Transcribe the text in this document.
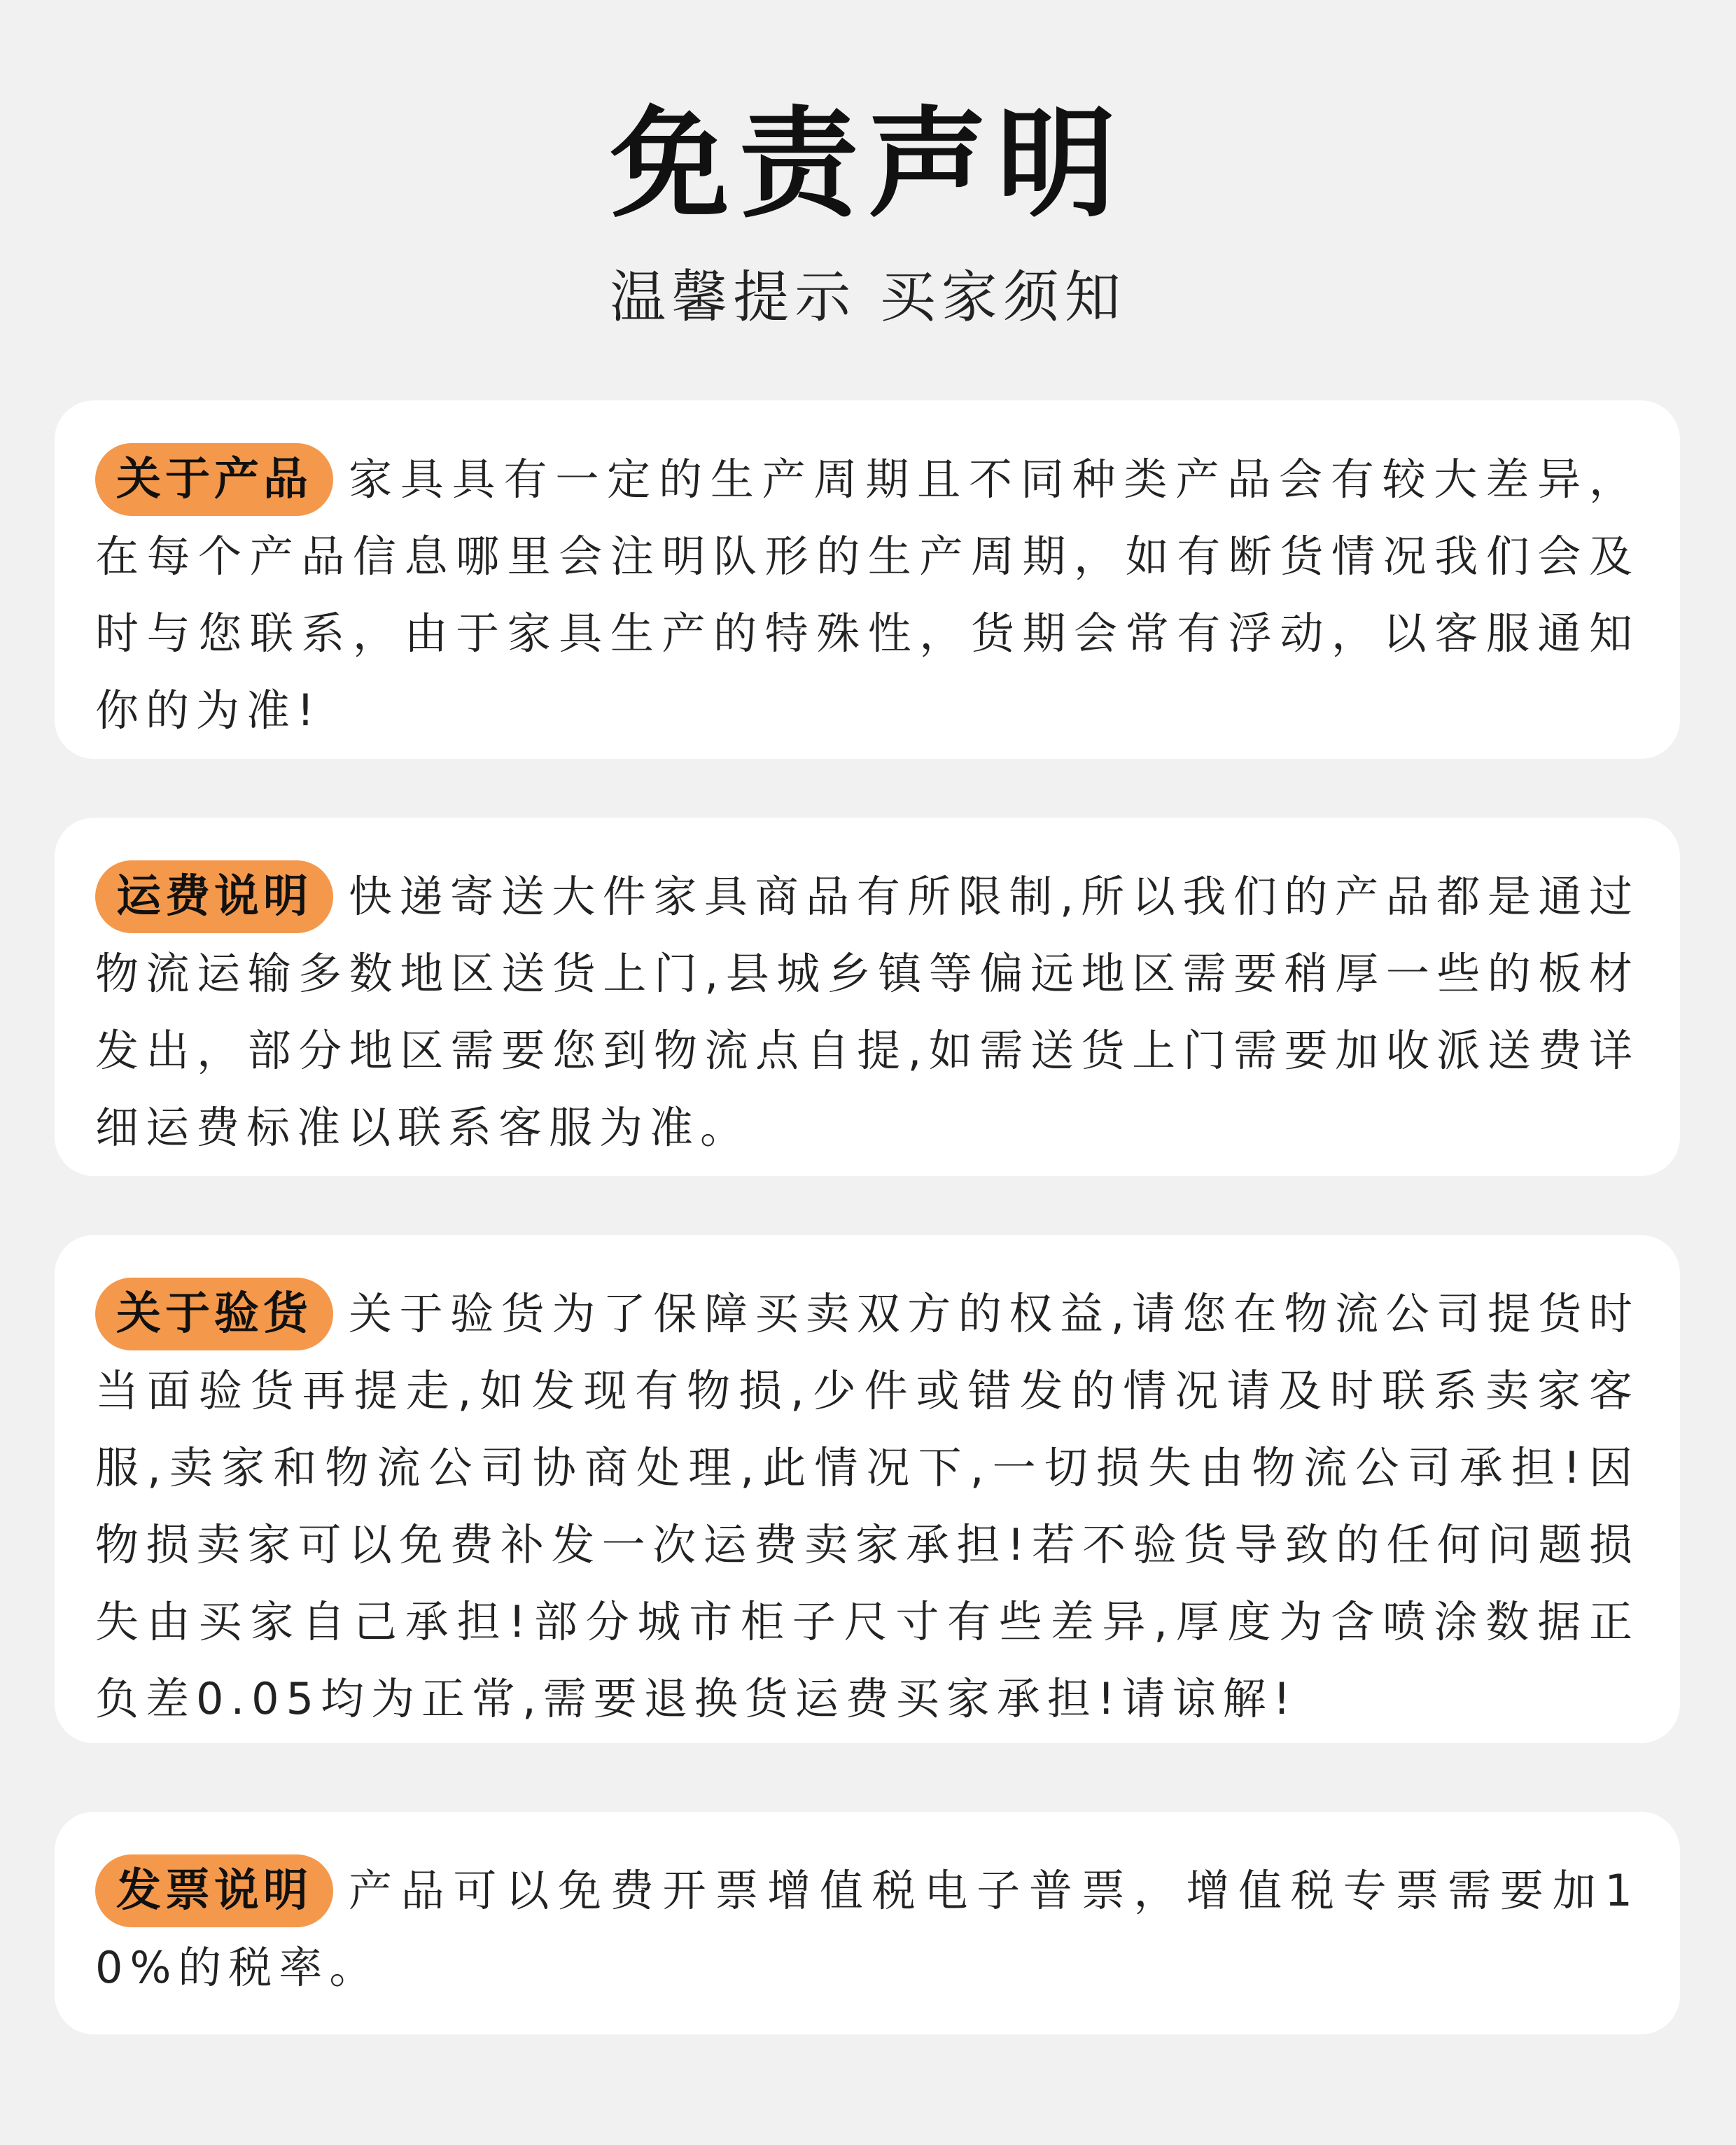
免责声明
温馨提示 买家须知

关于产品 家具具有一定的生产周期且不同种类产品会有较大差异，在每个产品信息哪里会注明队形的生产周期，如有断货情况我们会及时与您联系，由于家具生产的特殊性，货期会常有浮动，以客服通知你的为准!

运费说明 快递寄送大件家具商品有所限制,所以我们的产品都是通过物流运输多数地区送货上门,县城乡镇等偏远地区需要稍厚一些的板材发出，部分地区需要您到物流点自提,如需送货上门需要加收派送费详细运费标准以联系客服为准。

关于验货 关于验货为了保障买卖双方的权益,请您在物流公司提货时当面验货再提走,如发现有物损,少件或错发的情况请及时联系卖家客服,卖家和物流公司协商处理,此情况下,一切损失由物流公司承担!因物损卖家可以免费补发一次运费卖家承担!若不验货导致的任何问题损失由买家自己承担!部分城市柜子尺寸有些差异,厚度为含喷涂数据正负差0.05均为正常,需要退换货运费买家承担!请谅解!

发票说明 产品可以免费开票增值税电子普票，增值税专票需要加10%的税率。
